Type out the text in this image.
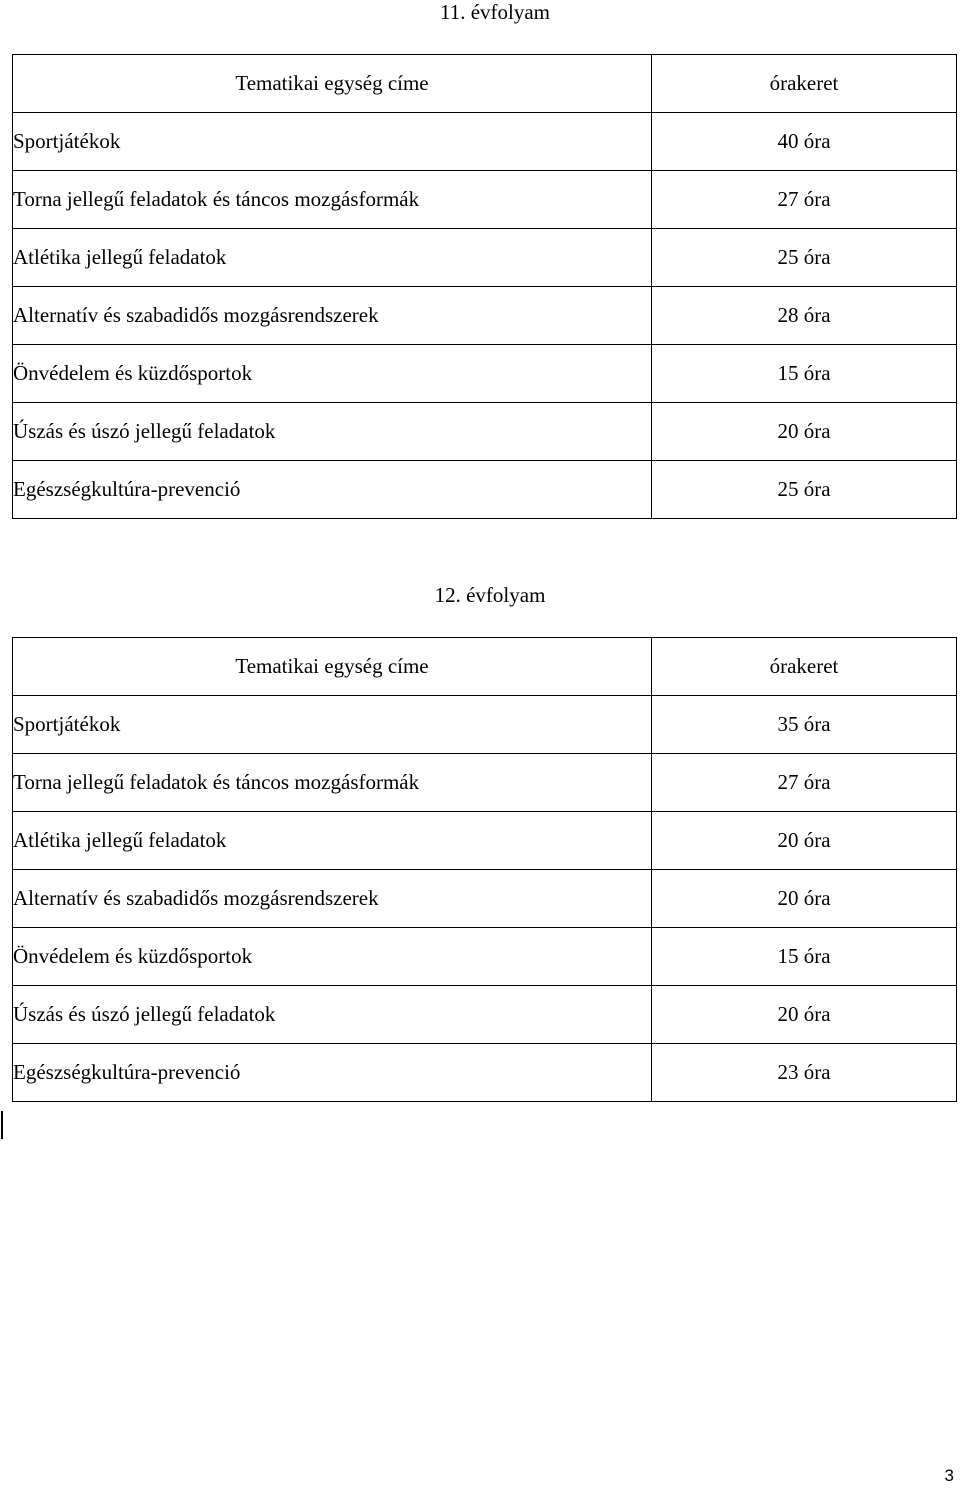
11. évfolyam
Tematikai egység címe	órakeret
Sportjátékok	40 óra
Torna jellegű feladatok és táncos mozgásformák	27 óra
Atlétika jellegű feladatok	25 óra
Alternatív és szabadidős mozgásrendszerek	28 óra
Önvédelem és küzdősportok	15 óra
Úszás és úszó jellegű feladatok	20 óra
Egészségkultúra-prevenció	25 óra
12. évfolyam
Tematikai egység címe	órakeret
Sportjátékok	35 óra
Torna jellegű feladatok és táncos mozgásformák	27 óra
Atlétika jellegű feladatok	20 óra
Alternatív és szabadidős mozgásrendszerek	20 óra
Önvédelem és küzdősportok	15 óra
Úszás és úszó jellegű feladatok	20 óra
Egészségkultúra-prevenció	23 óra
3
